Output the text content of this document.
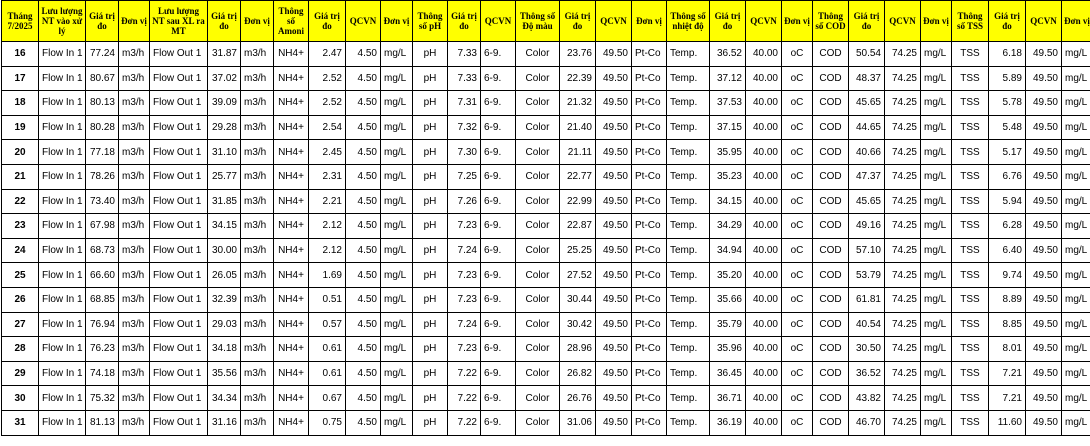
Tháng 7/2025	Lưu lượng NT vào xử lý	Giá trị đo	Đơn vị	Lưu lượng NT sau XL ra MT	Giá trị đo	Đơn vị	Thông số Amoni	Giá trị đo	QCVN	Đơn vị	Thông số pH	Giá trị đo	QCVN	Thông số Độ màu	Giá trị đo	QCVN	Đơn vị	Thông số nhiệt độ	Giá trị đo	QCVN	Đơn vị	Thông số COD	Giá trị đo	QCVN	Đơn vị	Thông số TSS	Giá trị đo	QCVN	Đơn vị
16	Flow In 1	77.24	m3/h	Flow Out 1	31.87	m3/h	NH4+	2.47	4.50	mg/L	pH	7.33	6-9.	Color	23.76	49.50	Pt-Co	Temp.	36.52	40.00	oC	COD	50.54	74.25	mg/L	TSS	6.18	49.50	mg/L
17	Flow In 1	80.67	m3/h	Flow Out 1	37.02	m3/h	NH4+	2.52	4.50	mg/L	pH	7.33	6-9.	Color	22.39	49.50	Pt-Co	Temp.	37.12	40.00	oC	COD	48.37	74.25	mg/L	TSS	5.89	49.50	mg/L
18	Flow In 1	80.13	m3/h	Flow Out 1	39.09	m3/h	NH4+	2.52	4.50	mg/L	pH	7.31	6-9.	Color	21.32	49.50	Pt-Co	Temp.	37.53	40.00	oC	COD	45.65	74.25	mg/L	TSS	5.78	49.50	mg/L
19	Flow In 1	80.28	m3/h	Flow Out 1	29.28	m3/h	NH4+	2.54	4.50	mg/L	pH	7.32	6-9.	Color	21.40	49.50	Pt-Co	Temp.	37.15	40.00	oC	COD	44.65	74.25	mg/L	TSS	5.48	49.50	mg/L
20	Flow In 1	77.18	m3/h	Flow Out 1	31.10	m3/h	NH4+	2.45	4.50	mg/L	pH	7.30	6-9.	Color	21.11	49.50	Pt-Co	Temp.	35.95	40.00	oC	COD	40.66	74.25	mg/L	TSS	5.17	49.50	mg/L
21	Flow In 1	78.26	m3/h	Flow Out 1	25.77	m3/h	NH4+	2.31	4.50	mg/L	pH	7.25	6-9.	Color	22.77	49.50	Pt-Co	Temp.	35.23	40.00	oC	COD	47.37	74.25	mg/L	TSS	6.76	49.50	mg/L
22	Flow In 1	73.40	m3/h	Flow Out 1	31.85	m3/h	NH4+	2.21	4.50	mg/L	pH	7.26	6-9.	Color	22.99	49.50	Pt-Co	Temp.	34.15	40.00	oC	COD	45.65	74.25	mg/L	TSS	5.94	49.50	mg/L
23	Flow In 1	67.98	m3/h	Flow Out 1	34.15	m3/h	NH4+	2.12	4.50	mg/L	pH	7.23	6-9.	Color	22.87	49.50	Pt-Co	Temp.	34.29	40.00	oC	COD	49.16	74.25	mg/L	TSS	6.28	49.50	mg/L
24	Flow In 1	68.73	m3/h	Flow Out 1	30.00	m3/h	NH4+	2.12	4.50	mg/L	pH	7.24	6-9.	Color	25.25	49.50	Pt-Co	Temp.	34.94	40.00	oC	COD	57.10	74.25	mg/L	TSS	6.40	49.50	mg/L
25	Flow In 1	66.60	m3/h	Flow Out 1	26.05	m3/h	NH4+	1.69	4.50	mg/L	pH	7.23	6-9.	Color	27.52	49.50	Pt-Co	Temp.	35.20	40.00	oC	COD	53.79	74.25	mg/L	TSS	9.74	49.50	mg/L
26	Flow In 1	68.85	m3/h	Flow Out 1	32.39	m3/h	NH4+	0.51	4.50	mg/L	pH	7.23	6-9.	Color	30.44	49.50	Pt-Co	Temp.	35.66	40.00	oC	COD	61.81	74.25	mg/L	TSS	8.89	49.50	mg/L
27	Flow In 1	76.94	m3/h	Flow Out 1	29.03	m3/h	NH4+	0.57	4.50	mg/L	pH	7.24	6-9.	Color	30.42	49.50	Pt-Co	Temp.	35.79	40.00	oC	COD	40.54	74.25	mg/L	TSS	8.85	49.50	mg/L
28	Flow In 1	76.23	m3/h	Flow Out 1	34.18	m3/h	NH4+	0.61	4.50	mg/L	pH	7.23	6-9.	Color	28.96	49.50	Pt-Co	Temp.	35.96	40.00	oC	COD	30.50	74.25	mg/L	TSS	8.01	49.50	mg/L
29	Flow In 1	74.18	m3/h	Flow Out 1	35.56	m3/h	NH4+	0.61	4.50	mg/L	pH	7.22	6-9.	Color	26.82	49.50	Pt-Co	Temp.	36.45	40.00	oC	COD	36.52	74.25	mg/L	TSS	7.21	49.50	mg/L
30	Flow In 1	75.32	m3/h	Flow Out 1	34.34	m3/h	NH4+	0.67	4.50	mg/L	pH	7.22	6-9.	Color	26.76	49.50	Pt-Co	Temp.	36.71	40.00	oC	COD	43.82	74.25	mg/L	TSS	7.21	49.50	mg/L
31	Flow In 1	81.13	m3/h	Flow Out 1	31.16	m3/h	NH4+	0.75	4.50	mg/L	pH	7.22	6-9.	Color	31.06	49.50	Pt-Co	Temp.	36.19	40.00	oC	COD	46.70	74.25	mg/L	TSS	11.60	49.50	mg/L
